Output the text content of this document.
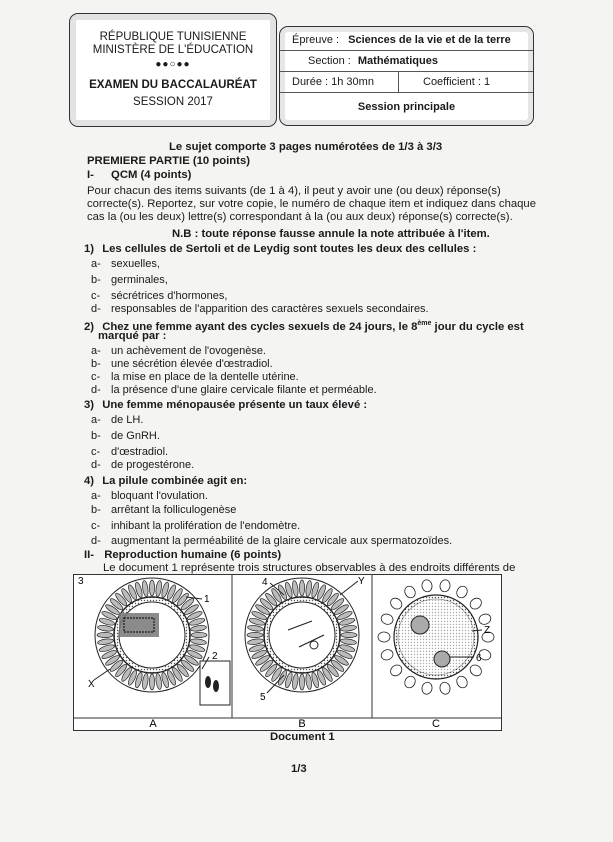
RÉPUBLIQUE TUNISIENNE
MINISTÈRE DE L'ÉDUCATION
●●○●●
EXAMEN DU BACCALAURÉAT
SESSION 2017
Épreuve : Sciences de la vie et de la terre
Section : Mathématiques
Durée : 1h 30mn	Coefficient : 1
Session principale
Le sujet comporte 3 pages numérotées de 1/3 à 3/3
PREMIERE PARTIE (10 points)
I- QCM (4 points)
Pour chacun des items suivants (de 1 à 4), il peut y avoir une (ou deux) réponse(s)
correcte(s). Reportez, sur votre copie, le numéro de chaque item et indiquez dans chaque
cas la (ou les deux) lettre(s) correspondant à la (ou aux deux) réponse(s) correcte(s).
N.B : toute réponse fausse annule la note attribuée à l'item.
1) Les cellules de Sertoli et de Leydig sont toutes les deux des cellules :
a- sexuelles,
b- germinales,
c- sécrétrices d'hormones,
d- responsables de l'apparition des caractères sexuels secondaires.
2) Chez une femme ayant des cycles sexuels de 24 jours, le 8ème jour du cycle est
marqué par :
a- un achèvement de l'ovogenèse.
b- une sécrétion élevée d'œstradiol.
c- la mise en place de la dentelle utérine.
d- la présence d'une glaire cervicale filante et perméable.
3) Une femme ménopausée présente un taux élevé :
a- de LH.
b- de GnRH.
c- d'œstradiol.
d- de progestérone.
4) La pilule combinée agit en:
a- bloquant l'ovulation.
b- arrêtant la folliculogenèse
c- inhibant la prolifération de l'endomètre.
d- augmentant la perméabilité de la glaire cervicale aux spermatozoïdes.
II- Reproduction humaine (6 points)
Le document 1 représente trois structures observables à des endroits différents de
3
1
2
X
4	Y
5
Z
6
A	B	C
Document 1
1/3
